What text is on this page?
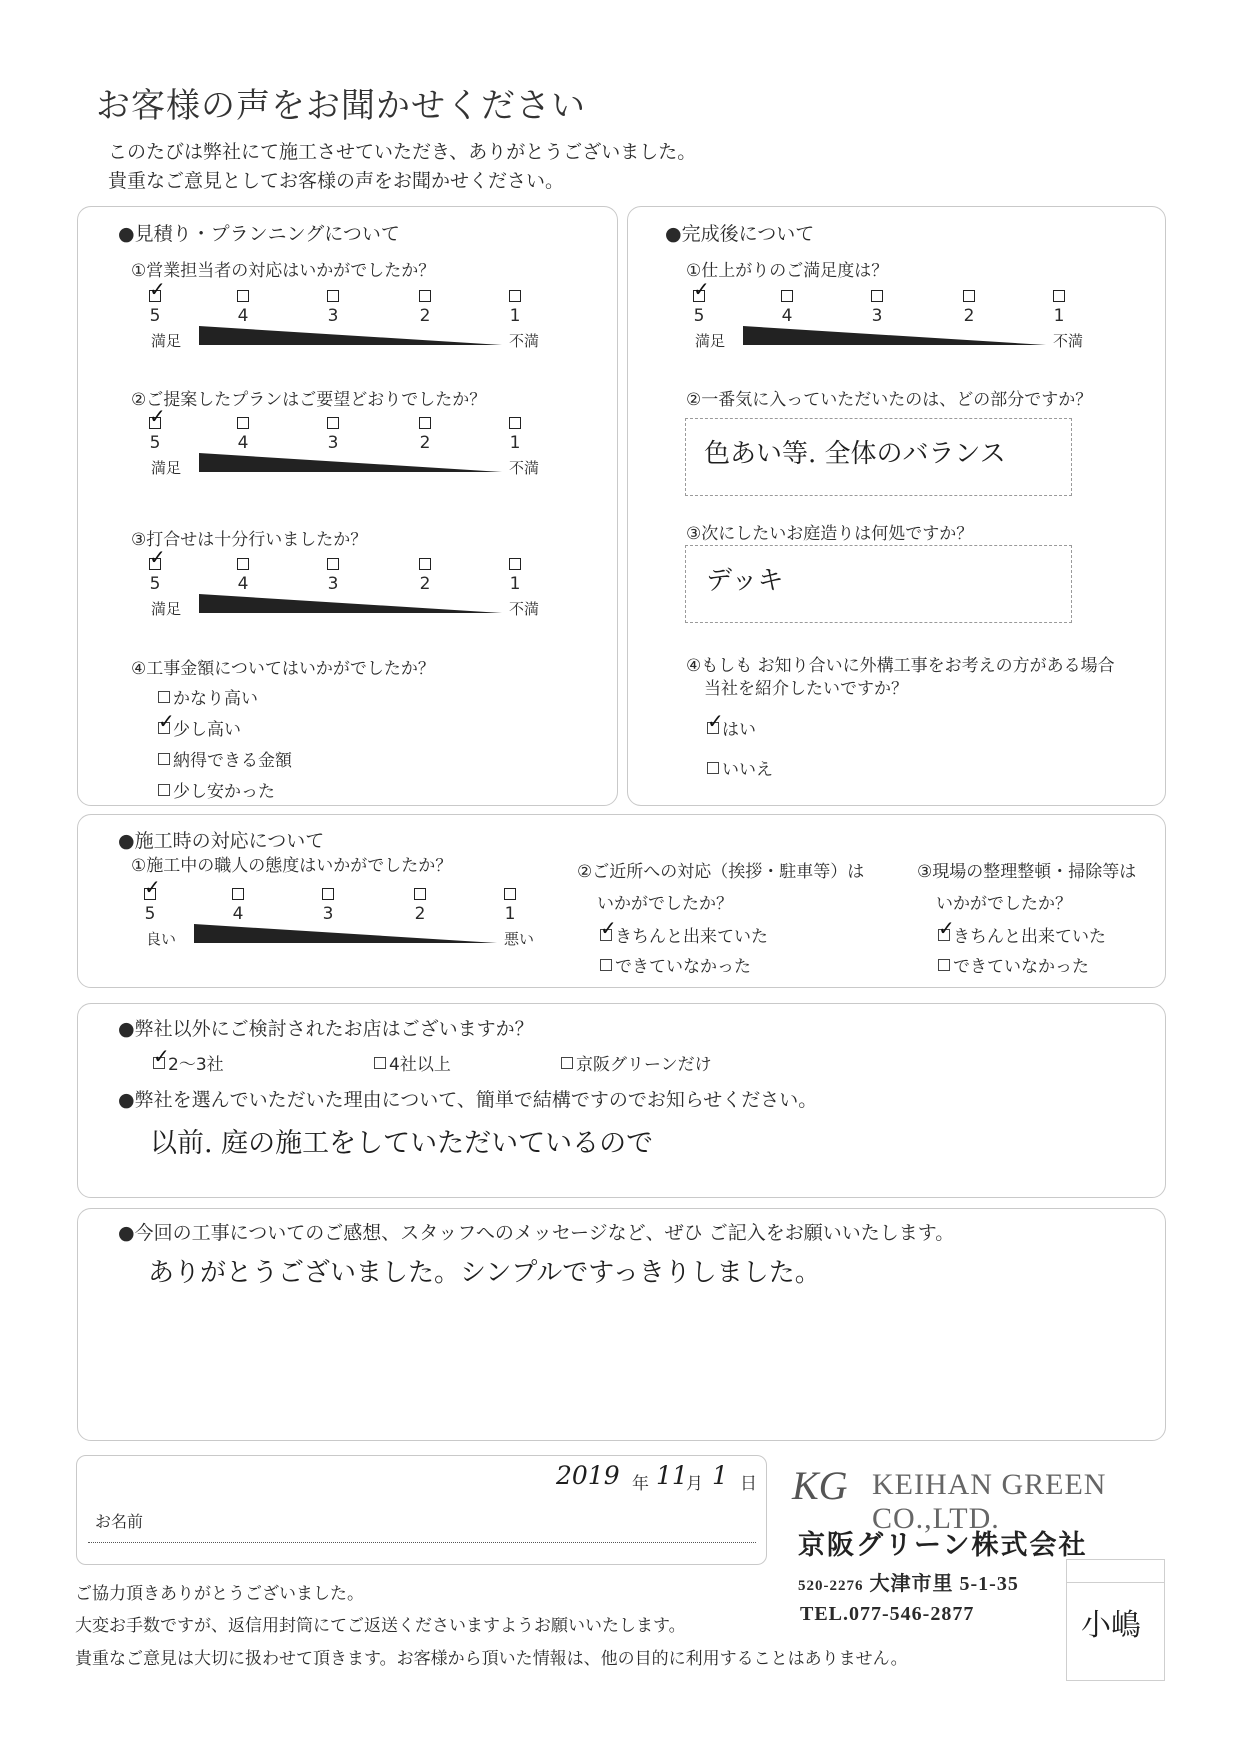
お客様の声をお聞かせください
このたびは弊社にて施工させていただき、ありがとうございました。
貴重なご意見としてお客様の声をお聞かせください。
●見積り・プランニングについて
①営業担当者の対応はいかがでしたか？
✓
5	4	3	2	1
満足	不満
②ご提案したプランはご要望どおりでしたか？
✓
5	4	3	2	1
満足	不満
③打合せは十分行いましたか？
✓
5	4	3	2	1
満足	不満
④工事金額についてはいかがでしたか？
かなり高い
✓
少し高い
納得できる金額
少し安かった
●完成後について
①仕上がりのご満足度は？
✓
5	4	3	2	1
満足	不満
②一番気に入っていただいたのは、どの部分ですか？
色あい等. 全体のバランス
③次にしたいお庭造りは何処ですか？
デッキ
④もしも お知り合いに外構工事をお考えの方がある場合
当社を紹介したいですか？
✓
はい
いいえ
●施工時の対応について
①施工中の職人の態度はいかがでしたか？
✓
5	4	3	2	1
良い	悪い
②ご近所への対応（挨拶・駐車等）は
いかがでしたか？
✓
きちんと出来ていた
できていなかった
③現場の整理整頓・掃除等は
いかがでしたか？
✓
きちんと出来ていた
できていなかった
●弊社以外にご検討されたお店はございますか？
✓
2～3社	4社以上	京阪グリーンだけ
●弊社を選んでいただいた理由について、簡単で結構ですのでお知らせください。
以前. 庭の施工をしていただいているので
●今回の工事についてのご感想、スタッフへのメッセージなど、ぜひ ご記入をお願いいたします。
ありがとうございました。シンプルですっきりしました。
2019 年 11
月 1 日
お名前
KG KEIHAN GREEN CO.,LTD.
京阪グリーン株式会社
520-2276 大津市里 5-1-35
TEL.077-546-2877	小嶋
ご協力頂きありがとうございました。
大変お手数ですが、返信用封筒にてご返送くださいますようお願いいたします。
貴重なご意見は大切に扱わせて頂きます。お客様から頂いた情報は、他の目的に利用することはありません。
